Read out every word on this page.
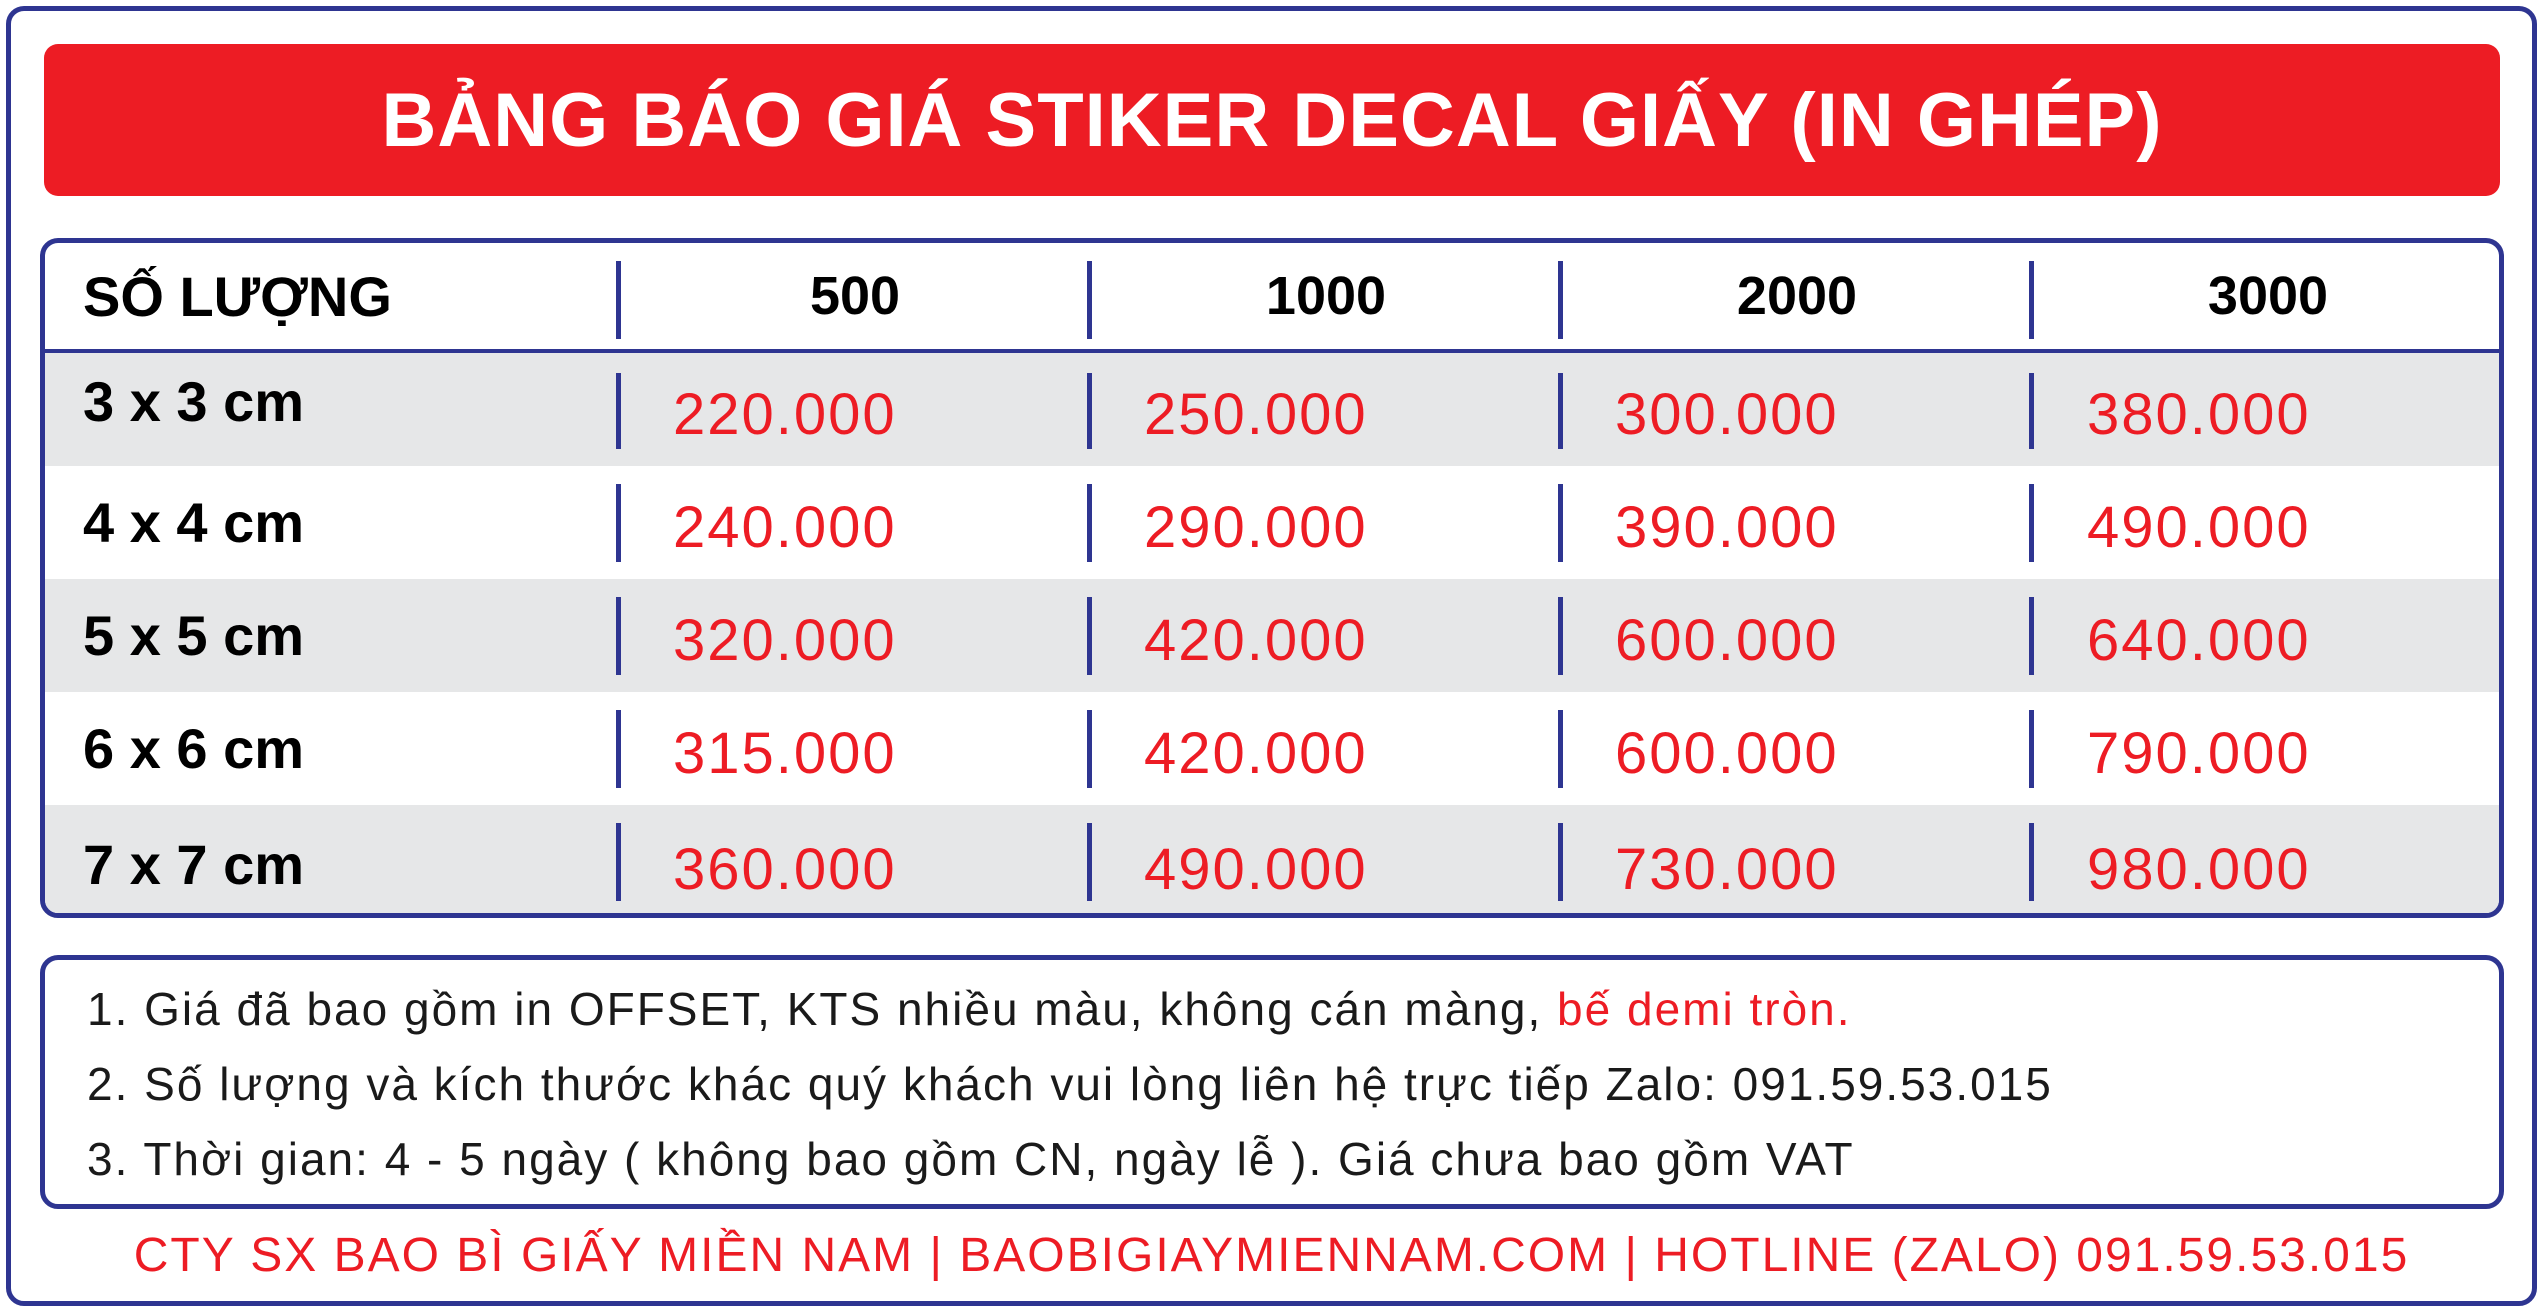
BẢNG BÁO GIÁ STIKER DECAL GIẤY (IN GHÉP)
SỐ LƯỢNG	500	1000	2000	3000
3 x 3 cm	220.000	250.000	300.000	380.000
4 x 4 cm	240.000	290.000	390.000	490.000
5 x 5 cm	320.000	420.000	600.000	640.000
6 x 6 cm	315.000	420.000	600.000	790.000
7 x 7 cm	360.000	490.000	730.000	980.000
1. Giá đã bao gồm in OFFSET, KTS nhiều màu, không cán màng, bế demi tròn.
2. Số lượng và kích thước khác quý khách vui lòng liên hệ trực tiếp Zalo: 091.59.53.015
3. Thời gian: 4 - 5 ngày ( không bao gồm CN, ngày lễ ). Giá chưa bao gồm VAT
CTY SX BAO BÌ GIẤY MIỀN NAM | BAOBIGIAYMIENNAM.COM | HOTLINE (ZALO) 091.59.53.015
